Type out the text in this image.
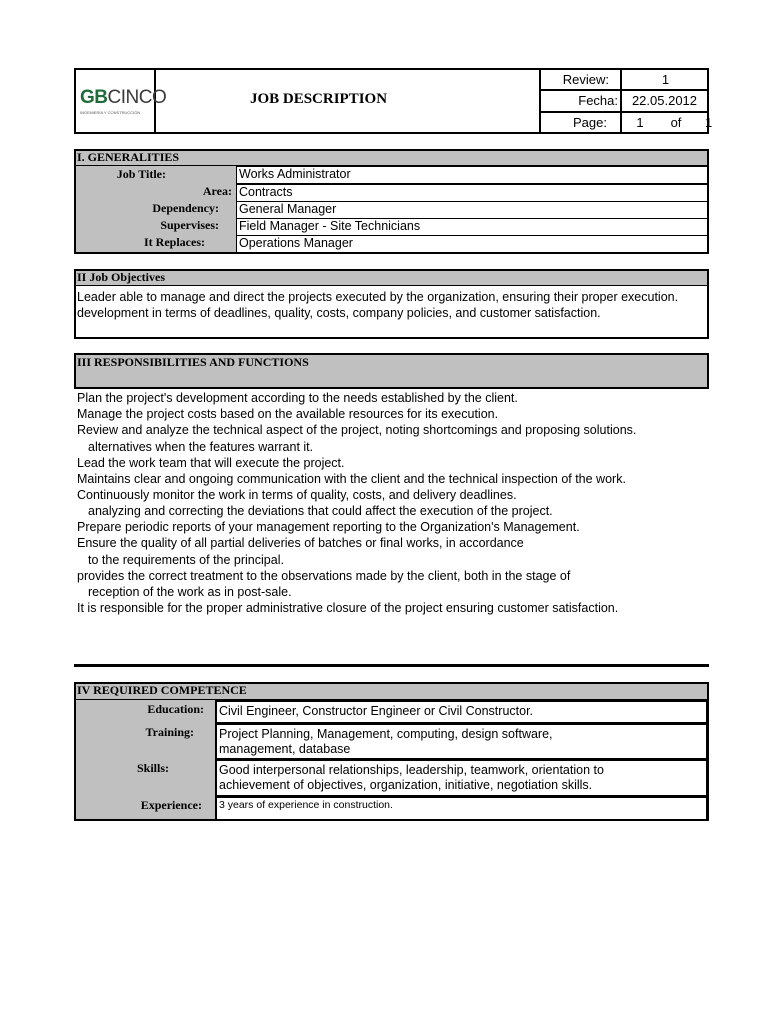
GBCINCO
INGENIERÍA Y CONSTRUCCIÓN
JOB DESCRIPTION
Review:	1
Fecha:	22.05.2012
Page:	1	of	1
I. GENERALITIES
Job Title:	Works Administrator
Area: Contracts
Dependency: General Manager
Supervises: Field Manager - Site Technicians
It Replaces:	Operations Manager
II Job Objectives
Leader able to manage and direct the projects executed by the organization, ensuring their proper execution.
development in terms of deadlines, quality, costs, company policies, and customer satisfaction.
III RESPONSIBILITIES AND FUNCTIONS
Plan the project's development according to the needs established by the client.
Manage the project costs based on the available resources for its execution.
Review and analyze the technical aspect of the project, noting shortcomings and proposing solutions.
alternatives when the features warrant it.
Lead the work team that will execute the project.
Maintains clear and ongoing communication with the client and the technical inspection of the work.
Continuously monitor the work in terms of quality, costs, and delivery deadlines.
analyzing and correcting the deviations that could affect the execution of the project.
Prepare periodic reports of your management reporting to the Organization's Management.
Ensure the quality of all partial deliveries of batches or final works, in accordance
to the requirements of the principal.
provides the correct treatment to the observations made by the client, both in the stage of
reception of the work as in post-sale.
It is responsible for the proper administrative closure of the project ensuring customer satisfaction.
IV REQUIRED COMPETENCE
Education:	Civil Engineer, Constructor Engineer or Civil Constructor.
Training: Project Planning, Management, computing, design software,
management, database
Skills:	Good interpersonal relationships, leadership, teamwork, orientation to
achievement of objectives, organization, initiative, negotiation skills.
Experience:	3 years of experience in construction.
